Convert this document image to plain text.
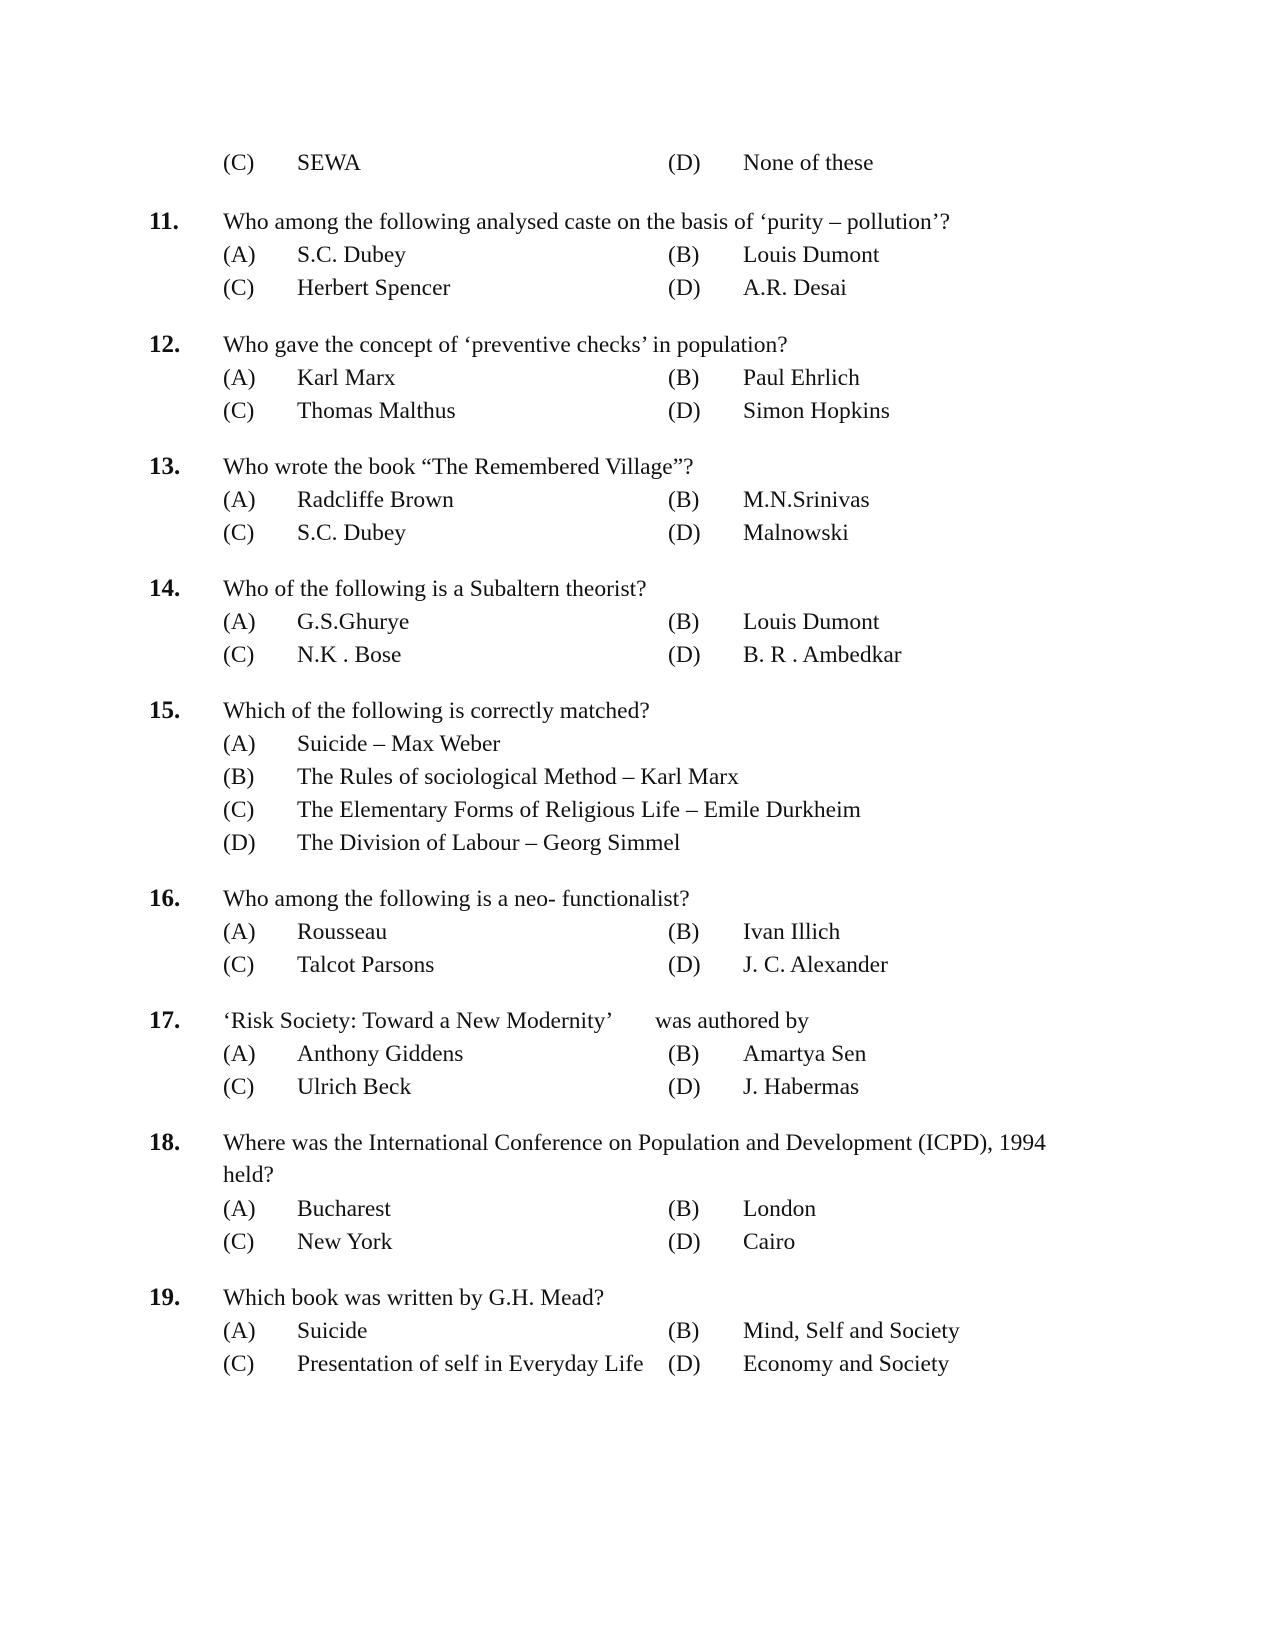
(C) SEWA	(D) None of these
11. Who among the following analysed caste on the basis of ‘purity – pollution’?
(A) S.C. Dubey	(B) Louis Dumont
(C) Herbert Spencer	(D) A.R. Desai
12. Who gave the concept of ‘preventive checks’ in population?
(A) Karl Marx	(B) Paul Ehrlich
(C) Thomas Malthus	(D) Simon Hopkins
13. Who wrote the book “The Remembered Village”?
(A) Radcliffe Brown	(B) M.N.Srinivas
(C) S.C. Dubey	(D) Malnowski
14. Who of the following is a Subaltern theorist?
(A) G.S.Ghurye	(B) Louis Dumont
(C) N.K . Bose	(D) B. R . Ambedkar
15. Which of the following is correctly matched?
(A) Suicide – Max Weber
(B) The Rules of sociological Method – Karl Marx
(C) The Elementary Forms of Religious Life – Emile Durkheim
(D) The Division of Labour – Georg Simmel
16. Who among the following is a neo- functionalist?
(A) Rousseau	(B) Ivan Illich
(C) Talcot Parsons	(D) J. C. Alexander
17. ‘Risk Society: Toward a New Modernity’ was authored by
(A) Anthony Giddens	(B) Amartya Sen
(C) Ulrich Beck	(D) J. Habermas
18. Where was the International Conference on Population and Development (ICPD), 1994
held?
(A) Bucharest	(B) London
(C) New York	(D) Cairo
19. Which book was written by G.H. Mead?
(A) Suicide	(B) Mind, Self and Society
(C) Presentation of self in Everyday Life (D) Economy and Society
